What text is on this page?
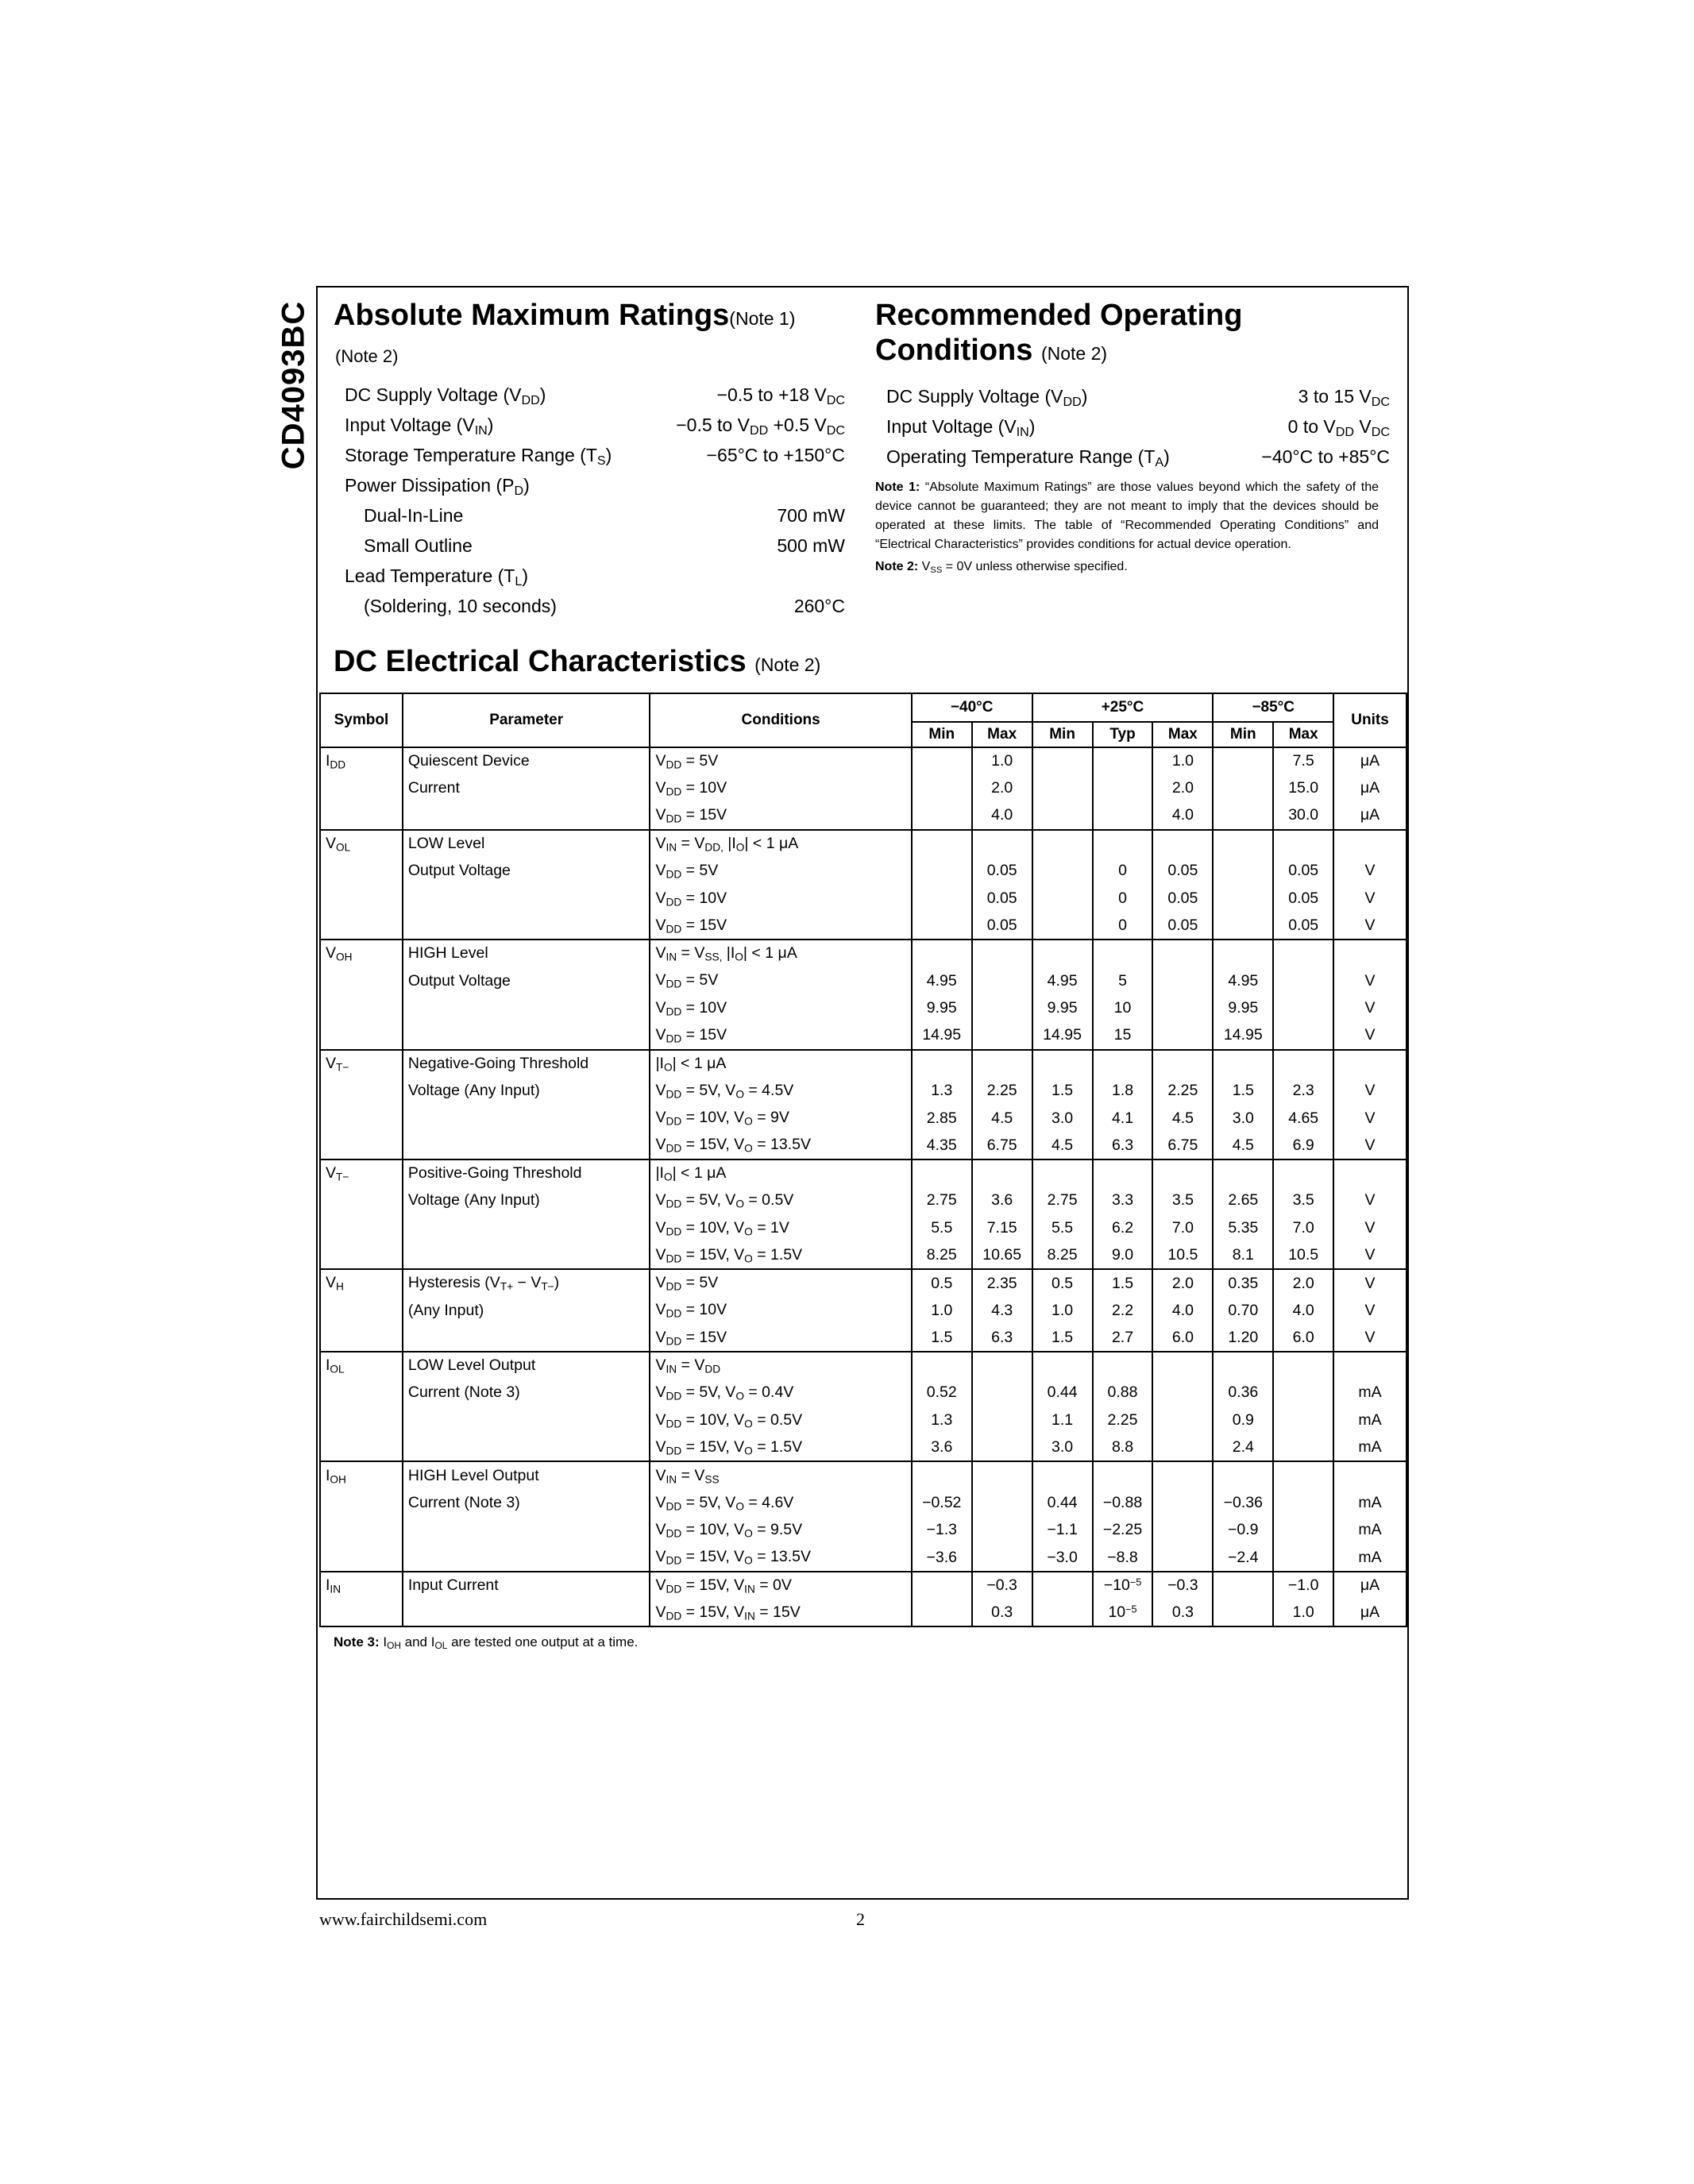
CD4093BC Absolute Maximum Ratings(Note 1)
(Note 2)
DC Supply Voltage $(V_{DD})$	−0.5 to +18 $V_{DC}$
Input Voltage $(V_{IN})$	−0.5 to $V_{DD} +0.5$ $V_{DC}$
Storage Temperature Range $(T_S)$	−65°C to +150°C
Power Dissipation $(P_D)$
Dual-In-Line	700 mW
Small Outline	500 mW
Lead Temperature $(T_L)$
(Soldering, 10 seconds)	260°C
Recommended Operating
Conditions (Note 2)
DC Supply Voltage $(V_{DD})$	3 to 15 $V_{DC}$
Input Voltage $(V_{IN})$	0 to $V_{DD}$ $V_{DC}$
Operating Temperature Range $(T_A)$	−40°C to +85°C
Note 1: “Absolute Maximum Ratings” are those values beyond which the safety of the device cannot be guaranteed; they are not meant to imply that the devices should be operated at these limits. The table of “Recommended Operating Conditions” and “Electrical Characteristics” provides conditions for actual device operation.
Note 2: $V_{SS} = 0V$ unless otherwise specified.
DC Electrical Characteristics (Note 2)
Symbol	Parameter	Conditions	−40°C		+25°C			−85°C		Units
			Min	Max	Min	Typ	Max	Min	Max	
$I_{DD}$	Quiescent Device	$V_{DD} = 5V$		1.0			1.0		7.5	μA
	Current	$V_{DD} = 10V$		2.0			2.0		15.0	μA
		$V_{DD} = 15V$		4.0			4.0		30.0	μA
$V_{OL}$	LOW Level	$V_{IN} = V_{DD,}$ $|I_O| < 1$ μA								
	Output Voltage	$V_{DD} = 5V$		0.05		0	0.05		0.05	V
		$V_{DD} = 10V$		0.05		0	0.05		0.05	V
		$V_{DD} = 15V$		0.05		0	0.05		0.05	V
$V_{OH}$	HIGH Level	$V_{IN} = V_{SS,}$ $|I_O| < 1$ μA								
	Output Voltage	$V_{DD} = 5V$	4.95		4.95	5		4.95		V
		$V_{DD} = 10V$	9.95		9.95	10		9.95		V
		$V_{DD} = 15V$	14.95		14.95	15		14.95		V
$V_{T-}$	Negative-Going Threshold	$|I_O| < 1$ μA								
	Voltage (Any Input)	$V_{DD} = 5V$, $V_O = 4.5V$	1.3	2.25	1.5	1.8	2.25	1.5	2.3	V
		$V_{DD} = 10V$, $V_O = 9V$	2.85	4.5	3.0	4.1	4.5	3.0	4.65	V
		$V_{DD} = 15V$, $V_O = 13.5V$	4.35	6.75	4.5	6.3	6.75	4.5	6.9	V
$V_{T-}$	Positive-Going Threshold	$|I_O| < 1$ μA								
	Voltage (Any Input)	$V_{DD} = 5V$, $V_O = 0.5V$	2.75	3.6	2.75	3.3	3.5	2.65	3.5	V
		$V_{DD} = 10V$, $V_O = 1V$	5.5	7.15	5.5	6.2	7.0	5.35	7.0	V
		$V_{DD} = 15V$, $V_O = 1.5V$	8.25	10.65	8.25	9.0	10.5	8.1	10.5	V
$V_H$	Hysteresis $(V_{T+} - V_{T-})$	$V_{DD} = 5V$	0.5	2.35	0.5	1.5	2.0	0.35	2.0	V
	(Any Input)	$V_{DD} = 10V$	1.0	4.3	1.0	2.2	4.0	0.70	4.0	V
		$V_{DD} = 15V$	1.5	6.3	1.5	2.7	6.0	1.20	6.0	V
$I_{OL}$	LOW Level Output	$V_{IN} = V_{DD}$								
	Current (Note 3)	$V_{DD} = 5V$, $V_O = 0.4V$	0.52		0.44	0.88		0.36		mA
		$V_{DD} = 10V$, $V_O = 0.5V$	1.3		1.1	2.25		0.9		mA
		$V_{DD} = 15V$, $V_O = 1.5V$	3.6		3.0	8.8		2.4		mA
$I_{OH}$	HIGH Level Output	$V_{IN} = V_{SS}$								
	Current (Note 3)	$V_{DD} = 5V$, $V_O = 4.6V$	−0.52		0.44	−0.88		−0.36		mA
		$V_{DD} = 10V$, $V_O = 9.5V$	−1.3		−1.1	−2.25		−0.9		mA
		$V_{DD} = 15V$, $V_O = 13.5V$	−3.6		−3.0	−8.8		−2.4		mA
$I_{IN}$	Input Current	$V_{DD} = 15V$, $V_{IN} = 0V$		−0.3		$-10^{-5}$	−0.3		−1.0	μA
		$V_{DD} = 15V$, $V_{IN} = 15V$		0.3		$10^{-5}$	0.3		1.0	μA
Note 3: $I_{OH}$ and $I_{OL}$ are tested one output at a time.
www.fairchildsemi.com	2
